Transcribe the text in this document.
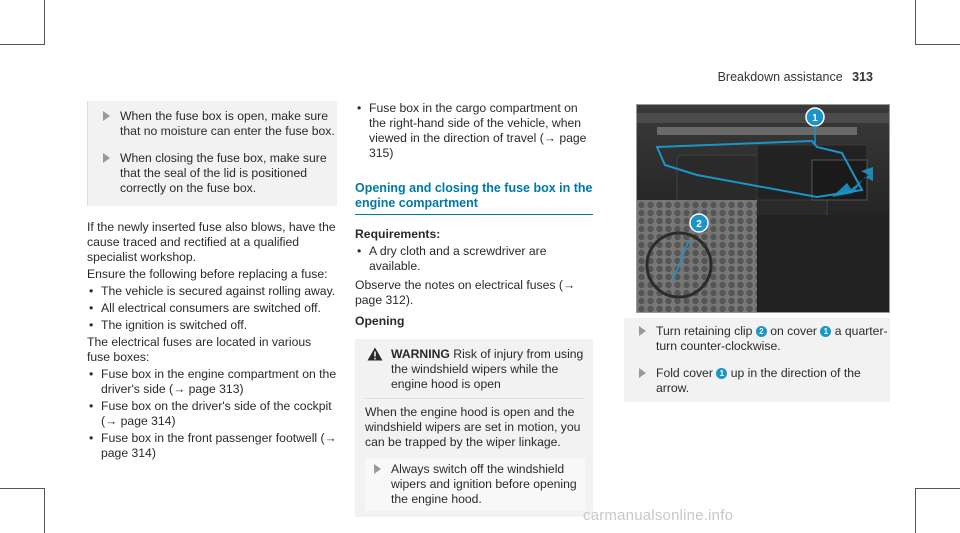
Breakdown assistance 313
When the fuse box is open, make sure that no moisture can enter the fuse box.
When closing the fuse box, make sure that the seal of the lid is positioned correctly on the fuse box.

If the newly inserted fuse also blows, have the cause traced and rectified at a qualified specialist workshop.

Ensure the following before replacing a fuse:

• The vehicle is secured against rolling away.
• All electrical consumers are switched off.
• The ignition is switched off.

The electrical fuses are located in various fuse boxes:

• Fuse box in the engine compartment on the driver's side (→ page 313)
• Fuse box on the driver's side of the cockpit (→ page 314)
• Fuse box in the front passenger footwell (→ page 314)
• Fuse box in the cargo compartment on the right-hand side of the vehicle, when viewed in the direction of travel (→ page 315)
Opening and closing the fuse box in the engine compartment

Requirements:

• A dry cloth and a screwdriver are available.

Observe the notes on electrical fuses (→ page 312).

Opening

WARNING Risk of injury from using the windshield wipers while the engine hood is open

When the engine hood is open and the windshield wipers are set in motion, you can be trapped by the wiper linkage.

Always switch off the windshield wipers and ignition before opening the engine hood.
1
2
Turn retaining clip 2 on cover 1 a quarter-turn counter-clockwise.
Fold cover 1 up in the direction of the arrow.
carmanualsonline.info
